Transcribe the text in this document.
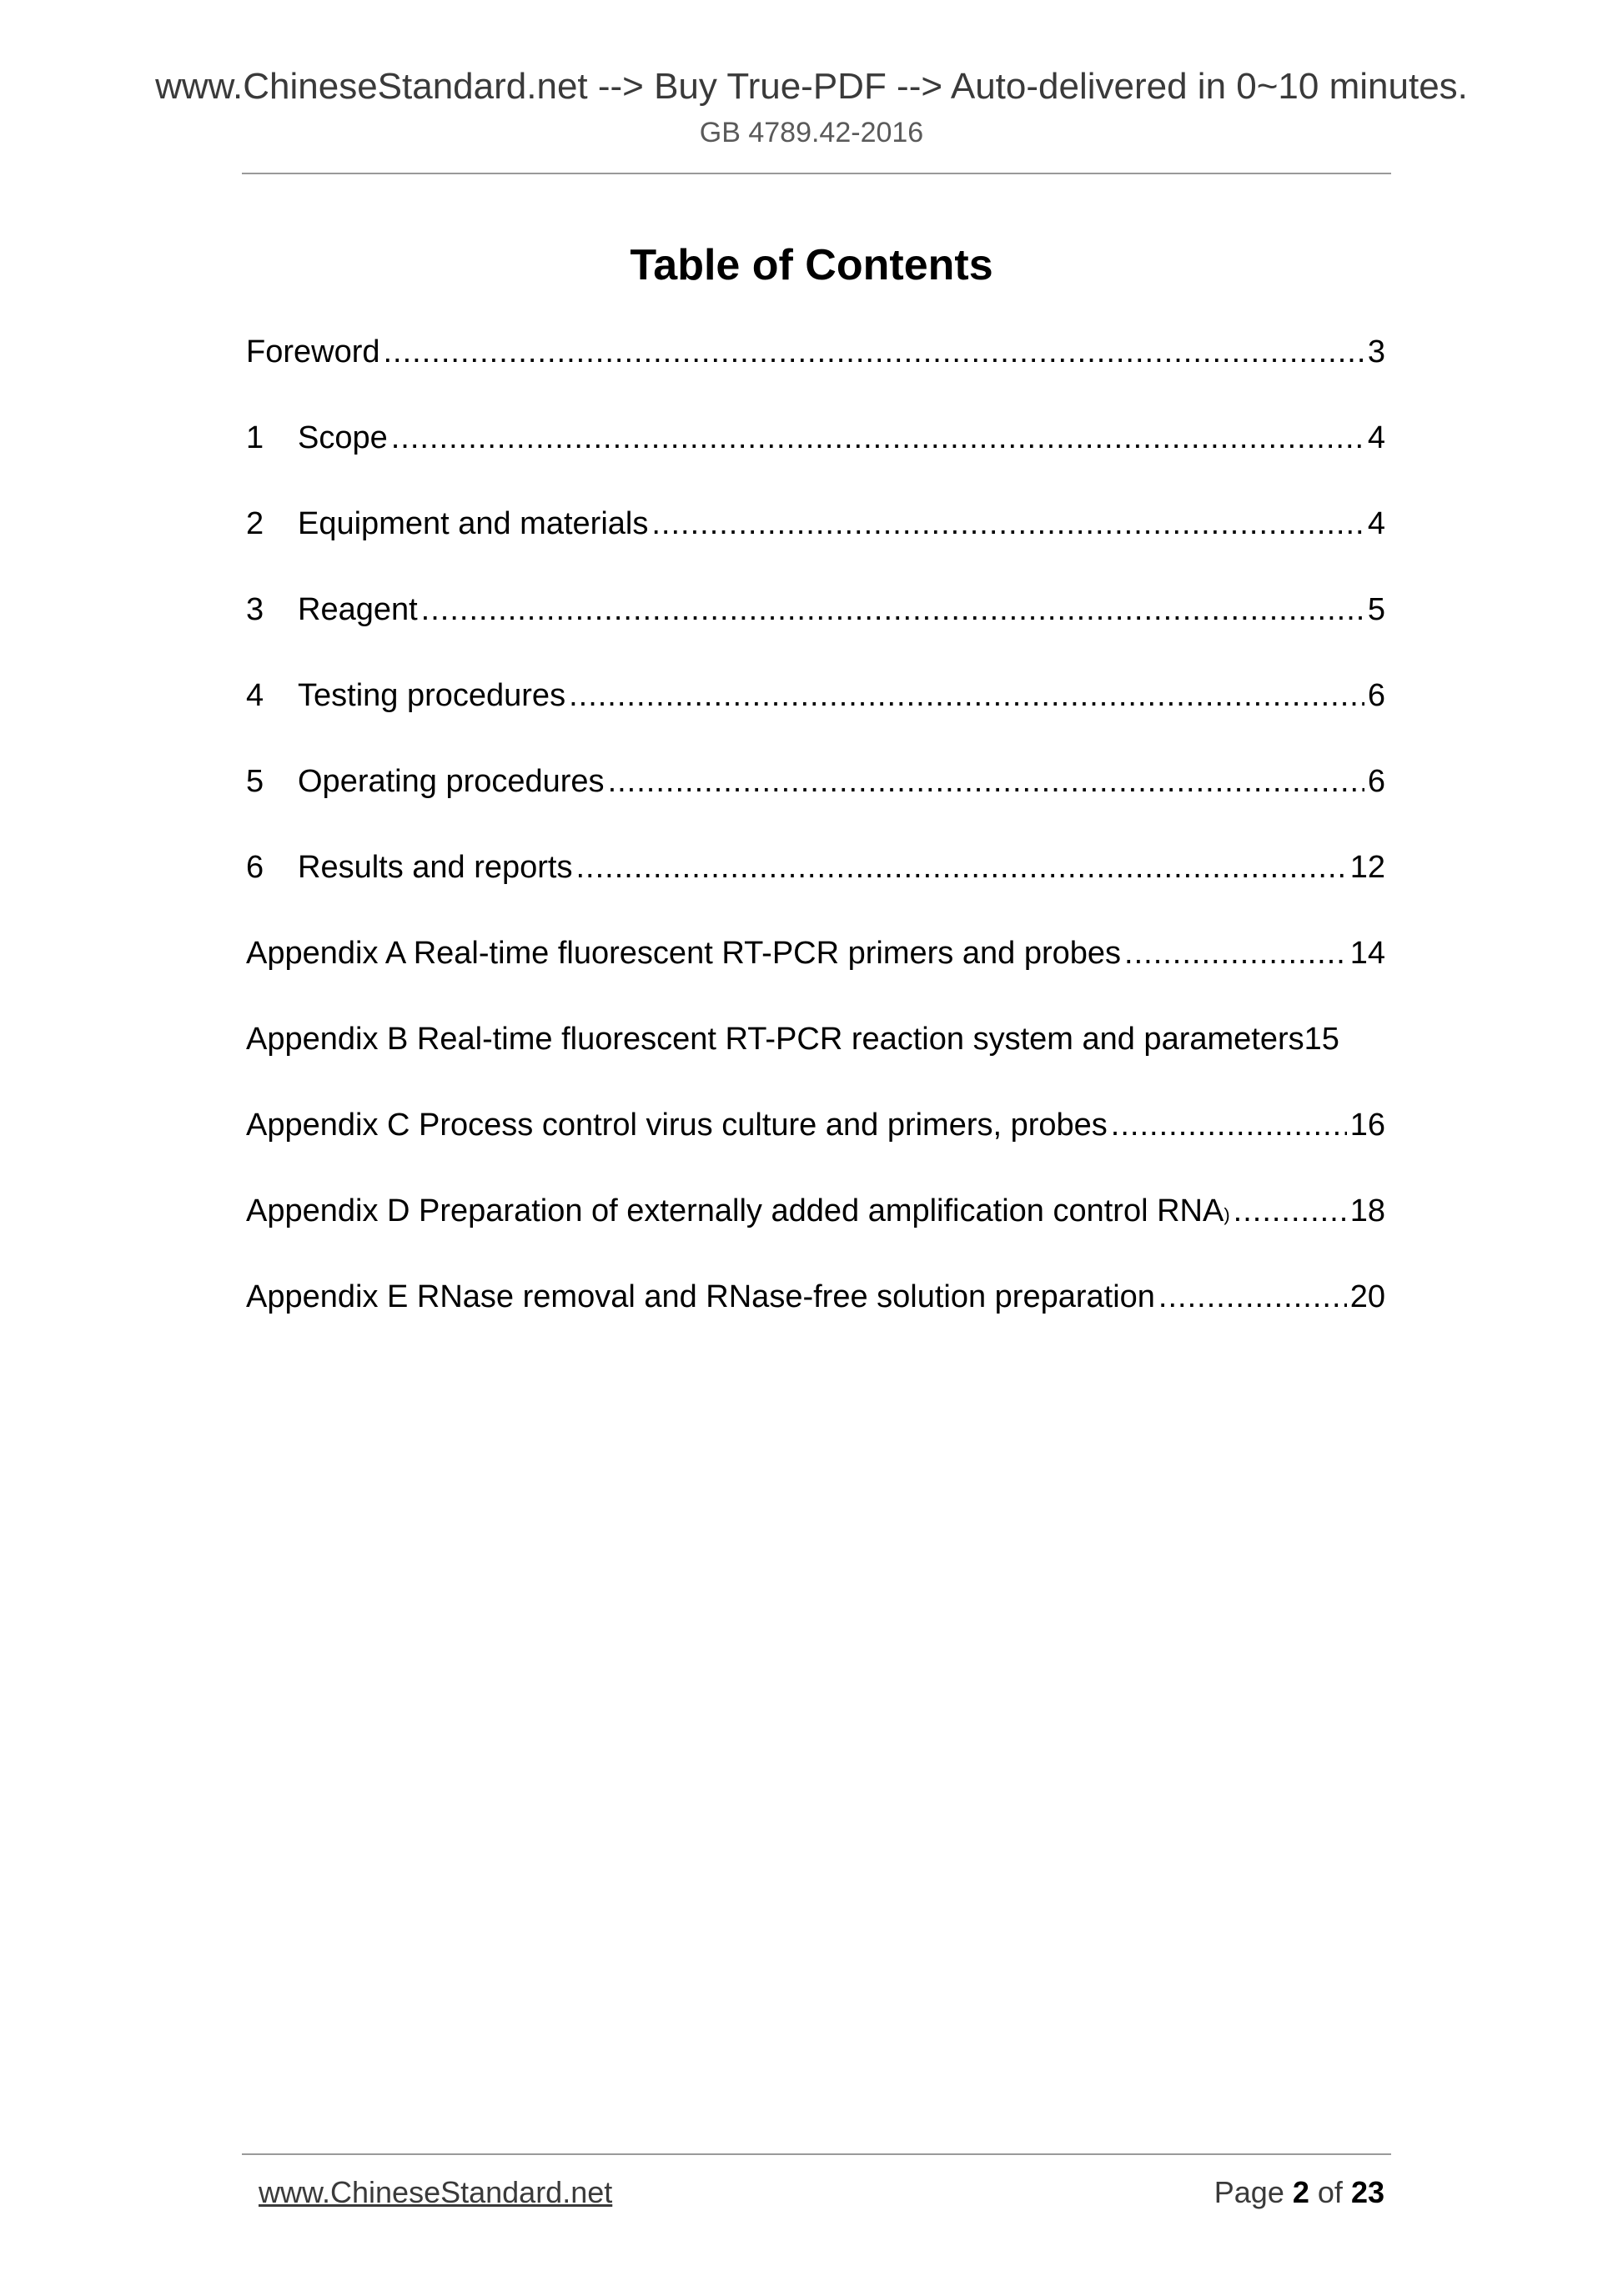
www.ChineseStandard.net --> Buy True-PDF --> Auto-delivered in 0~10 minutes.
GB 4789.42-2016
Table of Contents
Foreword .....	3
1	Scope .....	4
2	Equipment and materials .....	4
3	Reagent .....	5
4	Testing procedures .....	6
5	Operating procedures .....	6
6	Results and reports .....	12
Appendix A Real-time fluorescent RT-PCR primers and probes .....	14
Appendix B Real-time fluorescent RT-PCR reaction system and parameters 15
Appendix C Process control virus culture and primers, probes .....	16
Appendix D Preparation of externally added amplification control RNA ) .....	18
Appendix E RNase removal and RNase-free solution preparation .....	20
www.ChineseStandard.net	Page 2 of 23
